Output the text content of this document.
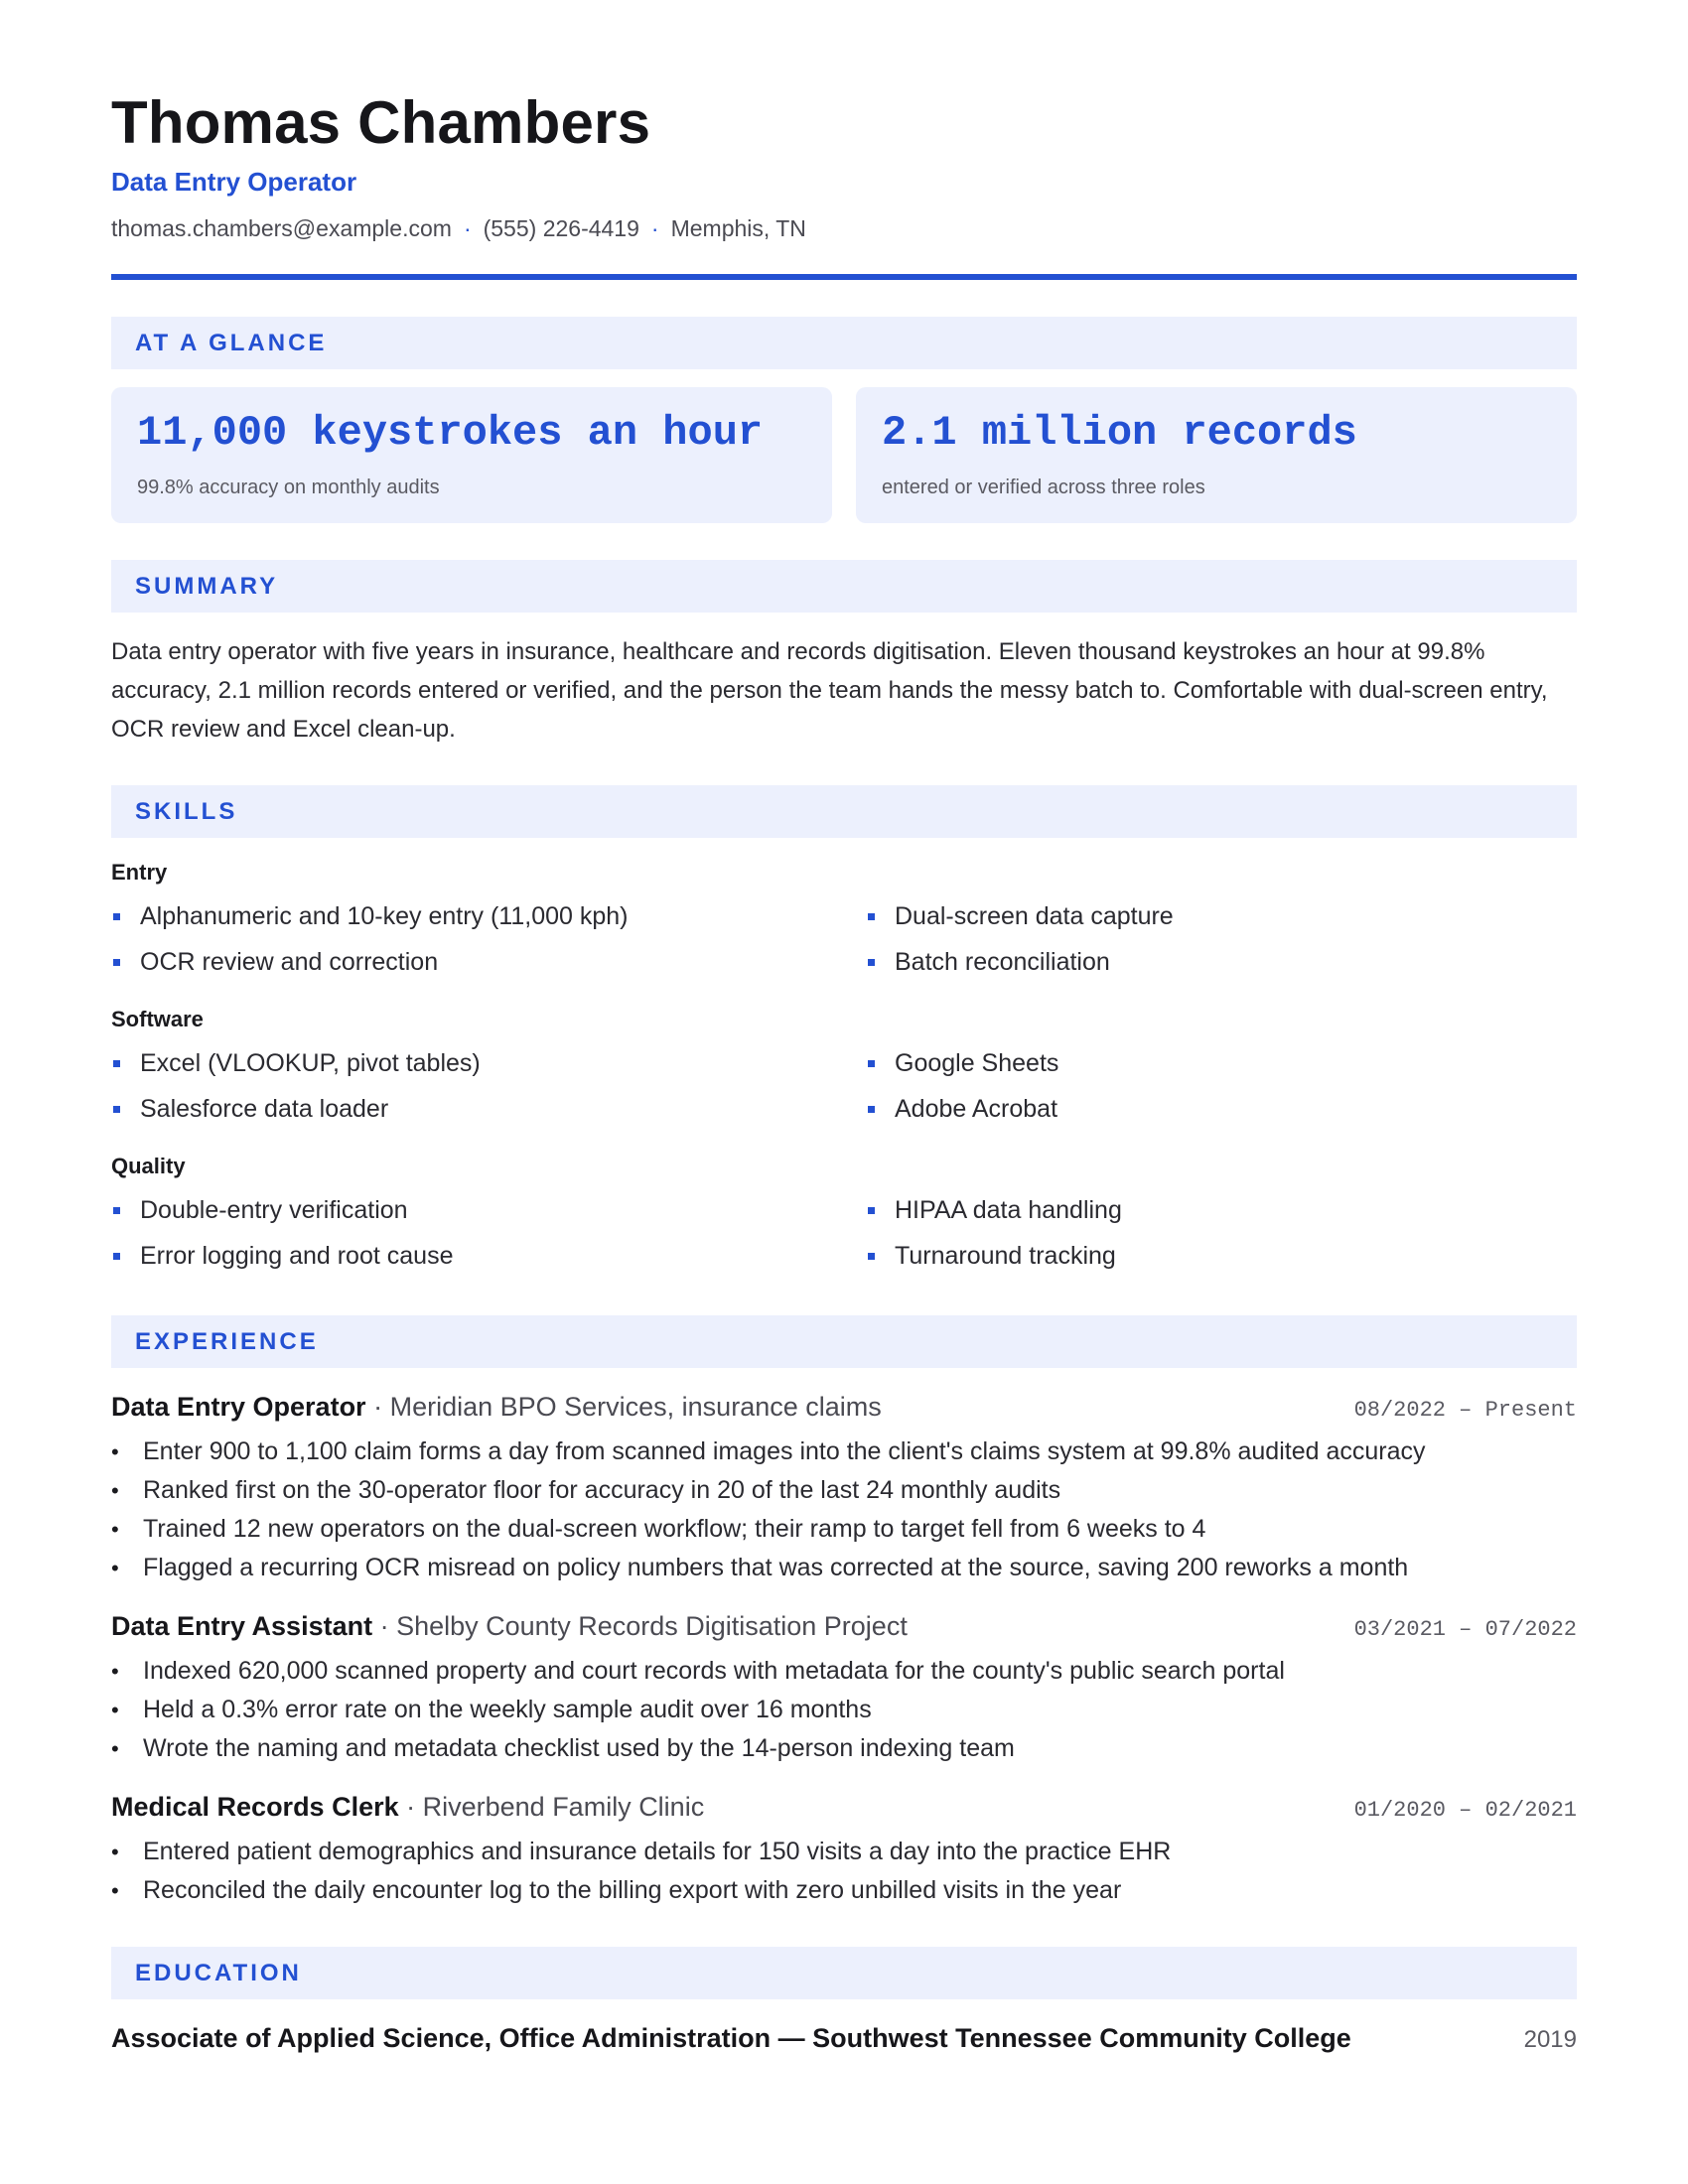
Thomas Chambers
Data Entry Operator
thomas.chambers@example.com · (555) 226-4419 · Memphis, TN
AT A GLANCE
11,000 keystrokes an hour
99.8% accuracy on monthly audits
2.1 million records
entered or verified across three roles
SUMMARY
Data entry operator with five years in insurance, healthcare and records digitisation. Eleven thousand keystrokes an hour at 99.8% accuracy, 2.1 million records entered or verified, and the person the team hands the messy batch to. Comfortable with dual-screen entry, OCR review and Excel clean-up.
SKILLS
Entry
Alphanumeric and 10-key entry (11,000 kph)	Dual-screen data capture
OCR review and correction	Batch reconciliation
Software
Excel (VLOOKUP, pivot tables)	Google Sheets
Salesforce data loader	Adobe Acrobat
Quality
Double-entry verification	HIPAA data handling
Error logging and root cause	Turnaround tracking
EXPERIENCE
Data Entry Operator · Meridian BPO Services, insurance claims	08/2022 – Present
• Enter 900 to 1,100 claim forms a day from scanned images into the client's claims system at 99.8% audited accuracy
• Ranked first on the 30-operator floor for accuracy in 20 of the last 24 monthly audits
• Trained 12 new operators on the dual-screen workflow; their ramp to target fell from 6 weeks to 4
• Flagged a recurring OCR misread on policy numbers that was corrected at the source, saving 200 reworks a month
Data Entry Assistant · Shelby County Records Digitisation Project	03/2021 – 07/2022
• Indexed 620,000 scanned property and court records with metadata for the county's public search portal
• Held a 0.3% error rate on the weekly sample audit over 16 months
• Wrote the naming and metadata checklist used by the 14-person indexing team
Medical Records Clerk · Riverbend Family Clinic	01/2020 – 02/2021
• Entered patient demographics and insurance details for 150 visits a day into the practice EHR
• Reconciled the daily encounter log to the billing export with zero unbilled visits in the year
EDUCATION
Associate of Applied Science, Office Administration — Southwest Tennessee Community College	2019
